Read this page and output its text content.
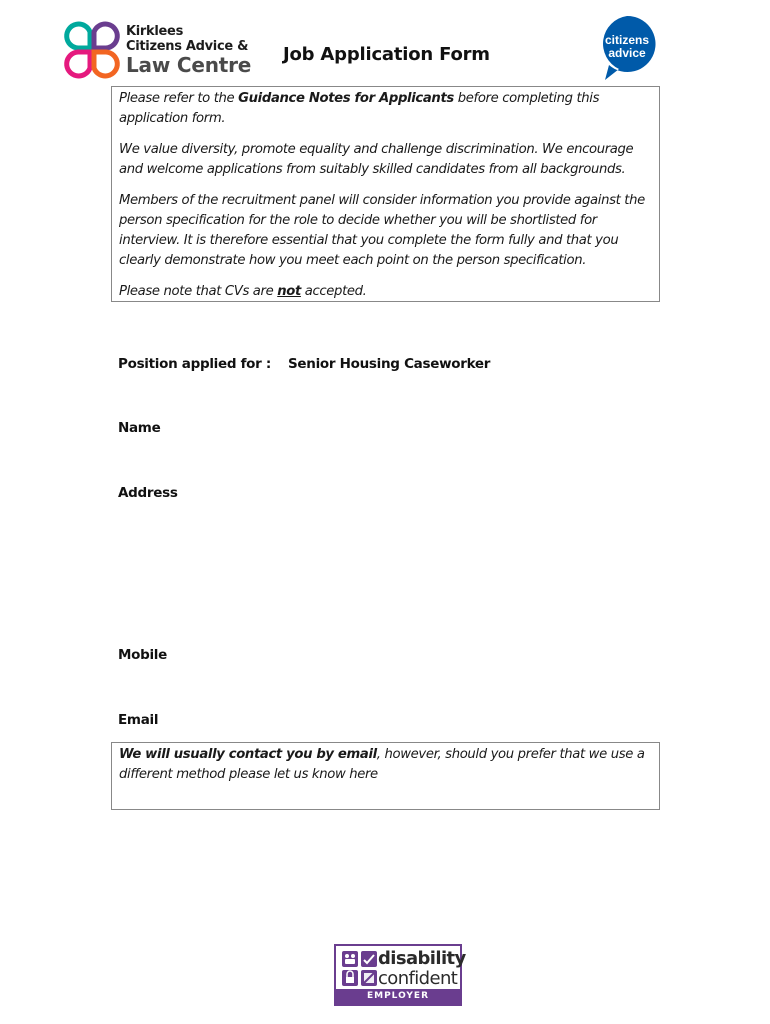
Kirklees
Citizens Advice &
Law Centre Job Application Form
citizens
advice

Please refer to the Guidance Notes for Applicants before completing this application form.

We value diversity, promote equality and challenge discrimination. We encourage and welcome applications from suitably skilled candidates from all backgrounds.

Members of the recruitment panel will consider information you provide against the person specification for the role to decide whether you will be shortlisted for interview. It is therefore essential that you complete the form fully and that you clearly demonstrate how you meet each point on the person specification.

Please note that CVs are not accepted.

Position applied for : Senior Housing Caseworker
Name
Address
Mobile
Email
We will usually contact you by email, however, should you prefer that we use a different method please let us know here
disability
confident
EMPLOYER
